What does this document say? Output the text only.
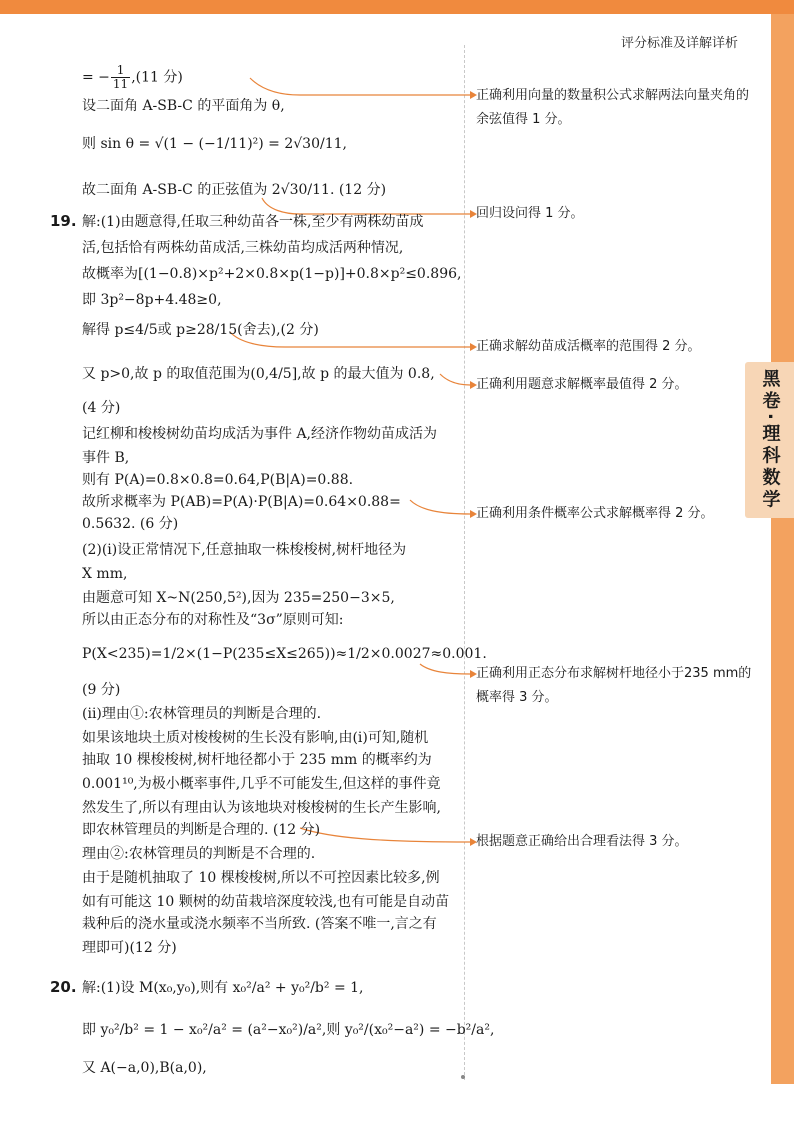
评分标准及详解详析
黑卷·理科数学
= − $\frac{1}{11} ,(11$ 分)
设二面角 A-SB-C 的平面角为 θ,
则 sin θ = √(1 − (−1/11)²) = 2√30/11,
故二面角 A-SB-C 的正弦值为 2√30/11. (12 分)
19. 解:(1)由题意得,任取三种幼苗各一株,至少有两株幼苗成
活,包括恰有两株幼苗成活,三株幼苗均成活两种情况,
故概率为[(1−0.8)×p²+2×0.8×p(1−p)]+0.8×p²≤0.896,
即 3p²−8p+4.48≥0,
解得 p≤4/5或 p≥28/15(舍去),(2 分)
又 p>0,故 p 的取值范围为(0,4/5],故 p 的最大值为 0.8,
(4 分)
记红柳和梭梭树幼苗均成活为事件 A,经济作物幼苗成活为
事件 B,
则有 P(A)=0.8×0.8=0.64,P(B|A)=0.88.
故所求概率为 P(AB)=P(A)·P(B|A)=0.64×0.88=
0.5632. (6 分)
(2)(ⅰ)设正常情况下,任意抽取一株梭梭树,树杆地径为
X mm,
由题意可知 X~N(250,5²),因为 235=250−3×5,
所以由正态分布的对称性及“3σ”原则可知:
P(X<235)=1/2×(1−P(235≤X≤265))≈1/2×0.0027≈0.001.
(9 分)
(ⅱ)理由①:农林管理员的判断是合理的.
如果该地块土质对梭梭树的生长没有影响,由(ⅰ)可知,随机
抽取 10 棵梭梭树,树杆地径都小于 235 mm 的概率约为
0.001¹⁰,为极小概率事件,几乎不可能发生,但这样的事件竟
然发生了,所以有理由认为该地块对梭梭树的生长产生影响,
即农林管理员的判断是合理的. (12 分)
理由②:农林管理员的判断是不合理的.
由于是随机抽取了 10 棵梭梭树,所以不可控因素比较多,例
如有可能这 10 颗树的幼苗栽培深度较浅,也有可能是自动苗
栽种后的浇水量或浇水频率不当所致. (答案不唯一,言之有
理即可)(12 分)
20. 解:(1)设 M(x₀,y₀),则有 x₀²/a² + y₀²/b² = 1,
即 y₀²/b² = 1 − x₀²/a² = (a²−x₀²)/a²,则 y₀²/(x₀²−a²) = −b²/a²,
又 A(−a,0),B(a,0),
正确利用向量的数量积公式求解两法向量夹角的余弦值得 1 分。
回归设问得 1 分。
正确求解幼苗成活概率的范围得 2 分。
正确利用题意求解概率最值得 2 分。
正确利用条件概率公式求解概率得 2 分。
正确利用正态分布求解树杆地径小于235 mm的概率得 3 分。
根据题意正确给出合理看法得 3 分。
